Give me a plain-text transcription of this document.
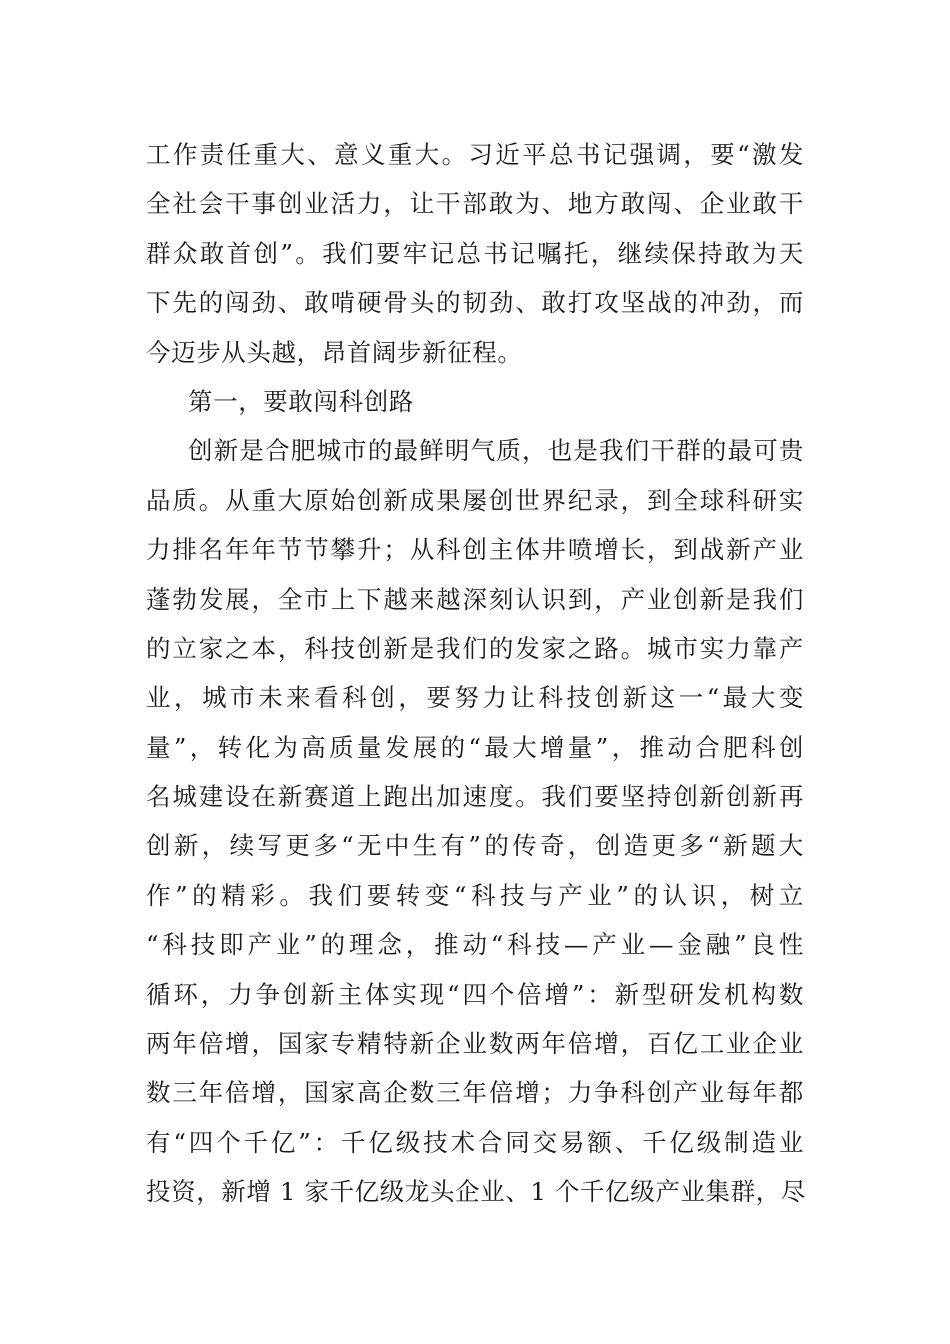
工作责任重大、意义重大。习近平总书记强调，要“激发
全社会干事创业活力，让干部敢为、地方敢闯、企业敢干
群众敢首创”。我们要牢记总书记嘱托，继续保持敢为天
下先的闯劲、敢啃硬骨头的韧劲、敢打攻坚战的冲劲，而
今迈步从头越，昂首阔步新征程。
第一，要敢闯科创路
创新是合肥城市的最鲜明气质，也是我们干群的最可贵
品质。从重大原始创新成果屡创世界纪录，到全球科研实
力排名年年节节攀升；从科创主体井喷增长，到战新产业
蓬勃发展，全市上下越来越深刻认识到，产业创新是我们
的立家之本，科技创新是我们的发家之路。城市实力靠产
业，城市未来看科创，要努力让科技创新这一“最大变
量”，转化为高质量发展的“最大增量”，推动合肥科创
名城建设在新赛道上跑出加速度。我们要坚持创新创新再
创新，续写更多“无中生有”的传奇，创造更多“新题大
作”的精彩。我们要转变“科技与产业”的认识，树立
“科技即产业”的理念，推动“科技—产业—金融”良性
循环，力争创新主体实现“四个倍增”：新型研发机构数
两年倍增，国家专精特新企业数两年倍增，百亿工业企业
数三年倍增，国家高企数三年倍增；力争科创产业每年都
有“四个千亿”：千亿级技术合同交易额、千亿级制造业
投资，新增 1 家千亿级龙头企业、1 个千亿级产业集群，尽
